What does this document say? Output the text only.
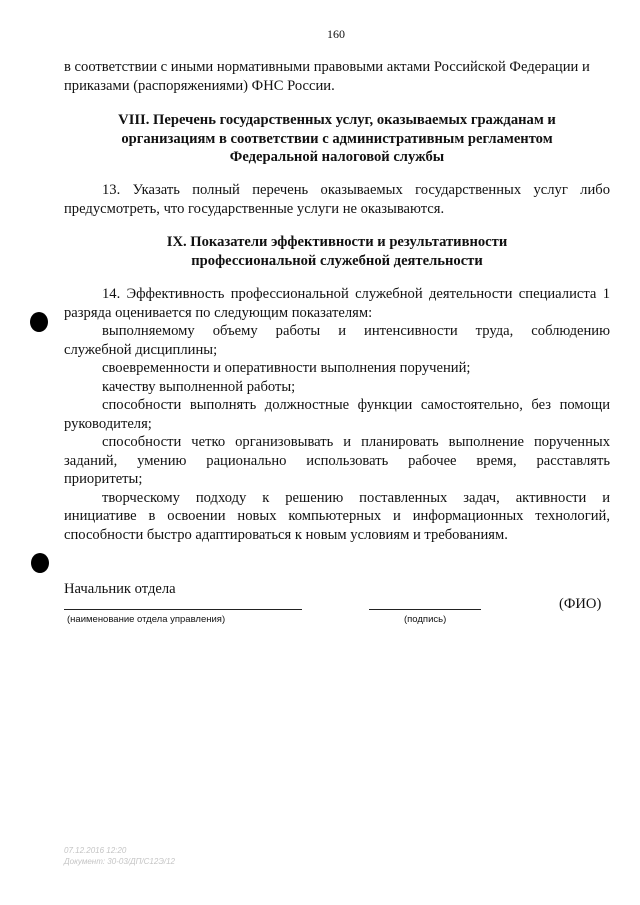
160
в соответствии с иными нормативными правовыми актами Российской Федерации и
приказами (распоряжениями) ФНС России.
VIII. Перечень государственных услуг, оказываемых гражданам и
организациям в соответствии с административным регламентом
Федеральной налоговой службы
13. Указать полный перечень оказываемых государственных услуг либо
предусмотреть, что государственные услуги не оказываются.
IX. Показатели эффективности и результативности
профессиональной служебной деятельности
14. Эффективность профессиональной служебной деятельности специалиста 1
разряда оценивается по следующим показателям:
выполняемому объему работы и интенсивности труда, соблюдению
служебной дисциплины;
своевременности и оперативности выполнения поручений;
качеству выполненной работы;
способности выполнять должностные функции самостоятельно, без помощи
руководителя;
способности четко организовывать и планировать выполнение порученных
заданий, умению рационально использовать рабочее время, расставлять
приоритеты;
творческому подходу к решению поставленных задач, активности и
инициативе в освоении новых компьютерных и информационных технологий,
способности быстро адаптироваться к новым условиям и требованиям.
Начальник отдела
(ФИО)
(наименование отдела управления)	(подпись)
07.12.2016 12:20
Документ: 30-03/ДП/С12Э/12
